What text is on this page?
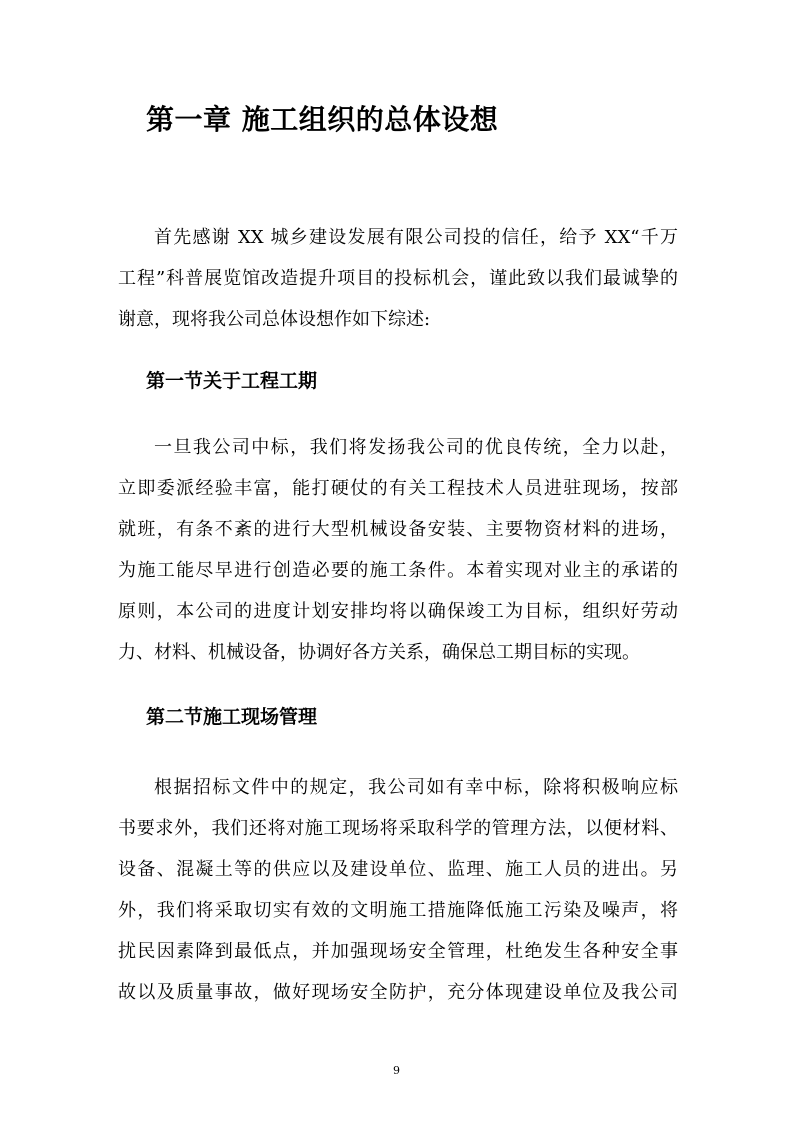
第一章 施工组织的总体设想
首先感谢 XX 城乡建设发展有限公司投的信任，给予 XX“千万
工程”科普展览馆改造提升项目的投标机会，谨此致以我们最诚挚的
谢意，现将我公司总体设想作如下综述:
第一节关于工程工期
一旦我公司中标，我们将发扬我公司的优良传统，全力以赴，
立即委派经验丰富，能打硬仗的有关工程技术人员进驻现场，按部
就班，有条不紊的进行大型机械设备安装、主要物资材料的进场，
为施工能尽早进行创造必要的施工条件。本着实现对业主的承诺的
原则，本公司的进度计划安排均将以确保竣工为目标，组织好劳动
力、材料、机械设备，协调好各方关系，确保总工期目标的实现。
第二节施工现场管理
根据招标文件中的规定，我公司如有幸中标，除将积极响应标
书要求外，我们还将对施工现场将采取科学的管理方法，以便材料、
设备、混凝土等的供应以及建设单位、监理、施工人员的进出。另
外，我们将采取切实有效的文明施工措施降低施工污染及噪声，将
扰民因素降到最低点，并加强现场安全管理，杜绝发生各种安全事
故以及质量事故，做好现场安全防护，充分体现建设单位及我公司
9
